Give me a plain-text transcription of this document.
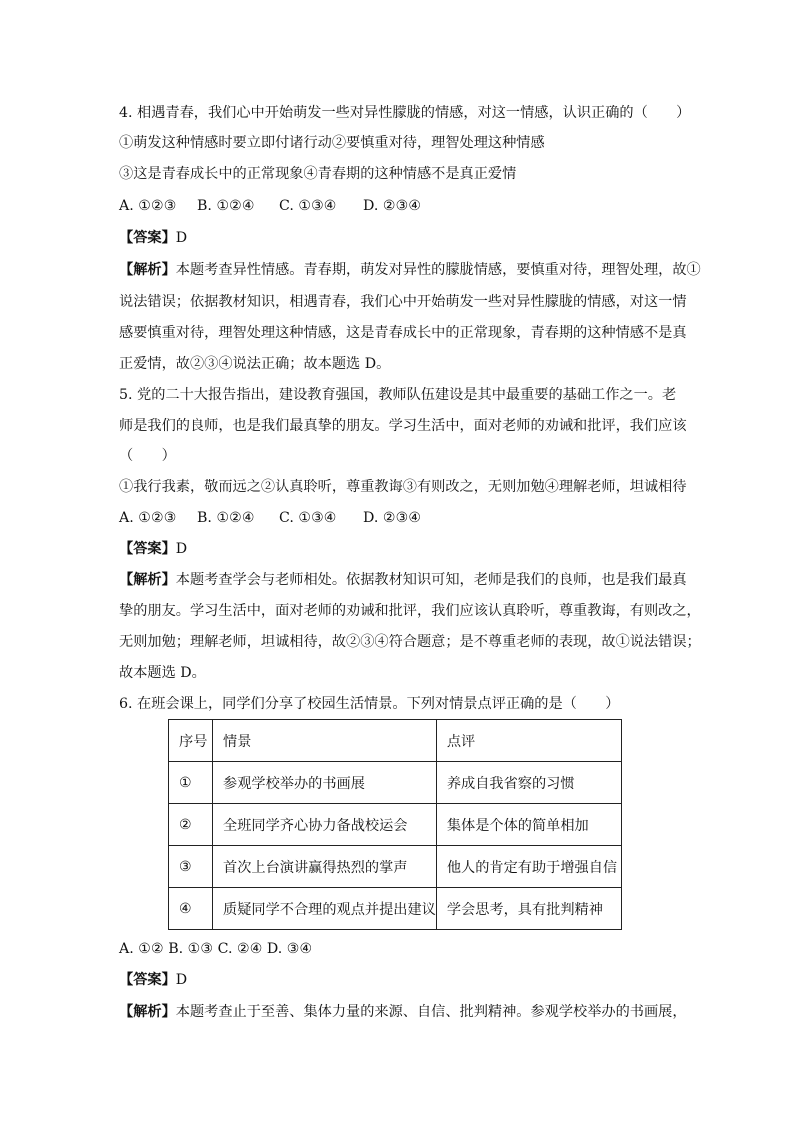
4. 相遇青春，我们心中开始萌发一些对异性朦胧的情感，对这一情感，认识正确的（　　）
①萌发这种情感时要立即付诸行动②要慎重对待，理智处理这种情感
③这是青春成长中的正常现象④青春期的这种情感不是真正爱情
A. ①②③ B. ①②④ C. ①③④ D. ②③④
【答案】D
【解析】本题考查异性情感。青春期，萌发对异性的朦胧情感，要慎重对待，理智处理，故①
说法错误；依据教材知识，相遇青春，我们心中开始萌发一些对异性朦胧的情感，对这一情
感要慎重对待，理智处理这种情感，这是青春成长中的正常现象，青春期的这种情感不是真
正爱情，故②③④说法正确；故本题选 D。
5. 党的二十大报告指出，建设教育强国，教师队伍建设是其中最重要的基础工作之一。老
师是我们的良师，也是我们最真挚的朋友。学习生活中，面对老师的劝诫和批评，我们应该
（　　）
①我行我素，敬而远之②认真聆听，尊重教诲③有则改之，无则加勉④理解老师，坦诚相待
A. ①②③ B. ①②④ C. ①③④ D. ②③④
【答案】D
【解析】本题考查学会与老师相处。依据教材知识可知，老师是我们的良师，也是我们最真
挚的朋友。学习生活中，面对老师的劝诫和批评，我们应该认真聆听，尊重教诲，有则改之，
无则加勉；理解老师，坦诚相待，故②③④符合题意；是不尊重老师的表现，故①说法错误；
故本题选 D。
6. 在班会课上，同学们分享了校园生活情景。下列对情景点评正确的是（　　）
序号	情景	点评
①	参观学校举办的书画展	养成自我省察的习惯
②	全班同学齐心协力备战校运会	集体是个体的简单相加
③	首次上台演讲赢得热烈的掌声	他人的肯定有助于增强自信
④	质疑同学不合理的观点并提出建议	学会思考，具有批判精神
A. ①② B. ①③ C. ②④ D. ③④
【答案】D
【解析】本题考查止于至善、集体力量的来源、自信、批判精神。参观学校举办的书画展，
